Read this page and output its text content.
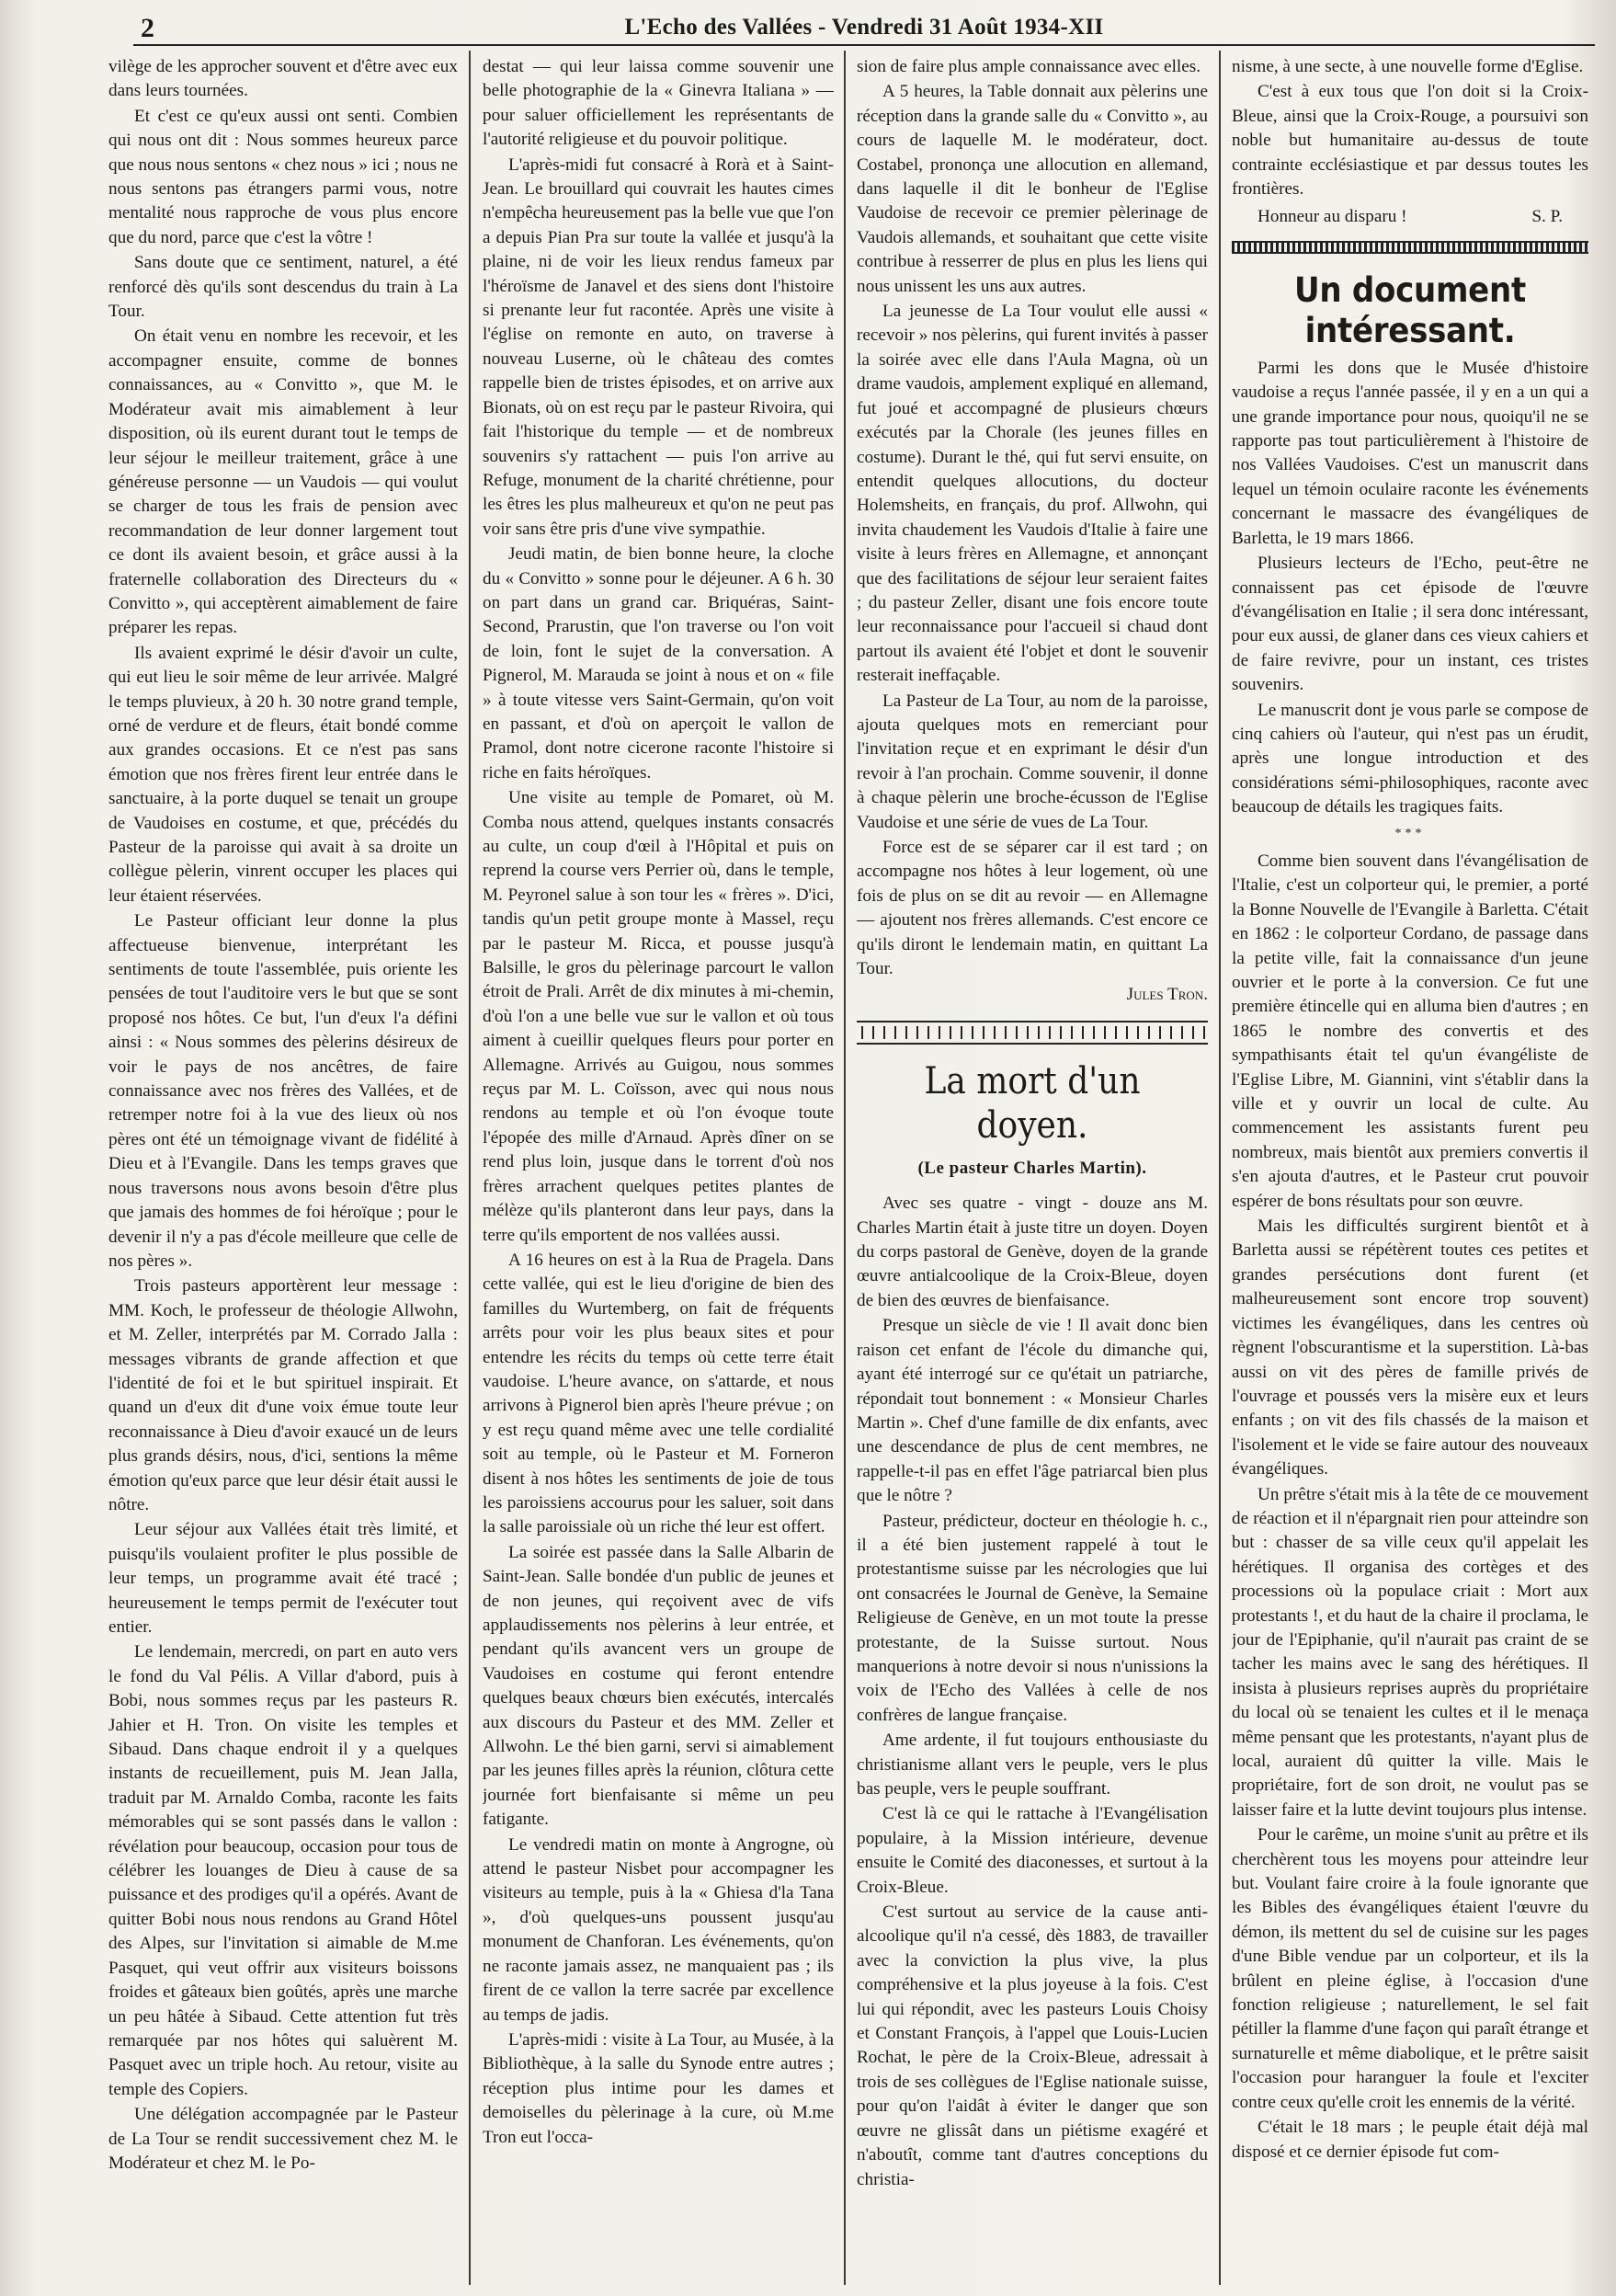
2	L'Echo des Vallées - Vendredi 31 Août 1934-XII

vilège de les approcher souvent et d'être avec eux dans leurs tournées.

Et c'est ce qu'eux aussi ont senti. Combien qui nous ont dit : Nous sommes heureux parce que nous nous sentons « chez nous » ici ; nous ne nous sentons pas étrangers parmi vous, notre mentalité nous rapproche de vous plus encore que du nord, parce que c'est la vôtre !

Sans doute que ce sentiment, naturel, a été renforcé dès qu'ils sont descendus du train à La Tour.

On était venu en nombre les recevoir, et les accompagner ensuite, comme de bonnes connaissances, au « Convitto », que M. le Modérateur avait mis aimablement à leur disposition, où ils eurent durant tout le temps de leur séjour le meilleur traitement, grâce à une généreuse personne — un Vaudois — qui voulut se charger de tous les frais de pension avec recommandation de leur donner largement tout ce dont ils avaient besoin, et grâce aussi à la fraternelle collaboration des Directeurs du « Convitto », qui acceptèrent aimablement de faire préparer les repas.

Ils avaient exprimé le désir d'avoir un culte, qui eut lieu le soir même de leur arrivée. Malgré le temps pluvieux, à 20 h. 30 notre grand temple, orné de verdure et de fleurs, était bondé comme aux grandes occasions. Et ce n'est pas sans émotion que nos frères firent leur entrée dans le sanctuaire, à la porte duquel se tenait un groupe de Vaudoises en costume, et que, précédés du Pasteur de la paroisse qui avait à sa droite un collègue pèlerin, vinrent occuper les places qui leur étaient réservées.

Le Pasteur officiant leur donne la plus affectueuse bienvenue, interprétant les sentiments de toute l'assemblée, puis oriente les pensées de tout l'auditoire vers le but que se sont proposé nos hôtes. Ce but, l'un d'eux l'a défini ainsi : « Nous sommes des pèlerins désireux de voir le pays de nos ancêtres, de faire connaissance avec nos frères des Vallées, et de retremper notre foi à la vue des lieux où nos pères ont été un témoignage vivant de fidélité à Dieu et à l'Evangile. Dans les temps graves que nous traversons nous avons besoin d'être plus que jamais des hommes de foi héroïque ; pour le devenir il n'y a pas d'école meilleure que celle de nos pères ».

Trois pasteurs apportèrent leur message : MM. Koch, le professeur de théologie Allwohn, et M. Zeller, interprétés par M. Corrado Jalla : messages vibrants de grande affection et que l'identité de foi et le but spirituel inspirait. Et quand un d'eux dit d'une voix émue toute leur reconnaissance à Dieu d'avoir exaucé un de leurs plus grands désirs, nous, d'ici, sentions la même émotion qu'eux parce que leur désir était aussi le nôtre.

Leur séjour aux Vallées était très limité, et puisqu'ils voulaient profiter le plus possible de leur temps, un programme avait été tracé ; heureusement le temps permit de l'exécuter tout entier.

Le lendemain, mercredi, on part en auto vers le fond du Val Pélis. A Villar d'abord, puis à Bobi, nous sommes reçus par les pasteurs R. Jahier et H. Tron. On visite les temples et Sibaud. Dans chaque endroit il y a quelques instants de recueillement, puis M. Jean Jalla, traduit par M. Arnaldo Comba, raconte les faits mémorables qui se sont passés dans le vallon : révélation pour beaucoup, occasion pour tous de célébrer les louanges de Dieu à cause de sa puissance et des prodiges qu'il a opérés. Avant de quitter Bobi nous nous rendons au Grand Hôtel des Alpes, sur l'invitation si aimable de M.me Pasquet, qui veut offrir aux visiteurs boissons froides et gâteaux bien goûtés, après une marche un peu hâtée à Sibaud. Cette attention fut très remarquée par nos hôtes qui saluèrent M. Pasquet avec un triple hoch. Au retour, visite au temple des Copiers.

Une délégation accompagnée par le Pasteur de La Tour se rendit successivement chez M. le Modérateur et chez M. le Po-

destat — qui leur laissa comme souvenir une belle photographie de la « Ginevra Italiana » — pour saluer officiellement les représentants de l'autorité religieuse et du pouvoir politique.

L'après-midi fut consacré à Rorà et à Saint-Jean. Le brouillard qui couvrait les hautes cimes n'empêcha heureusement pas la belle vue que l'on a depuis Pian Pra sur toute la vallée et jusqu'à la plaine, ni de voir les lieux rendus fameux par l'héroïsme de Janavel et des siens dont l'histoire si prenante leur fut racontée. Après une visite à l'église on remonte en auto, on traverse à nouveau Luserne, où le château des comtes rappelle bien de tristes épisodes, et on arrive aux Bionats, où on est reçu par le pasteur Rivoira, qui fait l'historique du temple — et de nombreux souvenirs s'y rattachent — puis l'on arrive au Refuge, monument de la charité chrétienne, pour les êtres les plus malheureux et qu'on ne peut pas voir sans être pris d'une vive sympathie.

Jeudi matin, de bien bonne heure, la cloche du « Convitto » sonne pour le déjeuner. A 6 h. 30 on part dans un grand car. Briquéras, Saint-Second, Prarustin, que l'on traverse ou l'on voit de loin, font le sujet de la conversation. A Pignerol, M. Marauda se joint à nous et on « file » à toute vitesse vers Saint-Germain, qu'on voit en passant, et d'où on aperçoit le vallon de Pramol, dont notre cicerone raconte l'histoire si riche en faits héroïques.

Une visite au temple de Pomaret, où M. Comba nous attend, quelques instants consacrés au culte, un coup d'œil à l'Hôpital et puis on reprend la course vers Perrier où, dans le temple, M. Peyronel salue à son tour les « frères ». D'ici, tandis qu'un petit groupe monte à Massel, reçu par le pasteur M. Ricca, et pousse jusqu'à Balsille, le gros du pèlerinage parcourt le vallon étroit de Prali. Arrêt de dix minutes à mi-chemin, d'où l'on a une belle vue sur le vallon et où tous aiment à cueillir quelques fleurs pour porter en Allemagne. Arrivés au Guigou, nous sommes reçus par M. L. Coïsson, avec qui nous nous rendons au temple et où l'on évoque toute l'épopée des mille d'Arnaud. Après dîner on se rend plus loin, jusque dans le torrent d'où nos frères arrachent quelques petites plantes de mélèze qu'ils planteront dans leur pays, dans la terre qu'ils emportent de nos vallées aussi.

A 16 heures on est à la Rua de Pragela. Dans cette vallée, qui est le lieu d'origine de bien des familles du Wurtemberg, on fait de fréquents arrêts pour voir les plus beaux sites et pour entendre les récits du temps où cette terre était vaudoise. L'heure avance, on s'attarde, et nous arrivons à Pignerol bien après l'heure prévue ; on y est reçu quand même avec une telle cordialité soit au temple, où le Pasteur et M. Forneron disent à nos hôtes les sentiments de joie de tous les paroissiens accourus pour les saluer, soit dans la salle paroissiale où un riche thé leur est offert.

La soirée est passée dans la Salle Albarin de Saint-Jean. Salle bondée d'un public de jeunes et de non jeunes, qui reçoivent avec de vifs applaudissements nos pèlerins à leur entrée, et pendant qu'ils avancent vers un groupe de Vaudoises en costume qui feront entendre quelques beaux chœurs bien exécutés, intercalés aux discours du Pasteur et des MM. Zeller et Allwohn. Le thé bien garni, servi si aimablement par les jeunes filles après la réunion, clôtura cette journée fort bienfaisante si même un peu fatigante.

Le vendredi matin on monte à Angrogne, où attend le pasteur Nisbet pour accompagner les visiteurs au temple, puis à la « Ghiesa d'la Tana », d'où quelques-uns poussent jusqu'au monument de Chanforan. Les événements, qu'on ne raconte jamais assez, ne manquaient pas ; ils firent de ce vallon la terre sacrée par excellence au temps de jadis.

L'après-midi : visite à La Tour, au Musée, à la Bibliothèque, à la salle du Synode entre autres ; réception plus intime pour les dames et demoiselles du pèlerinage à la cure, où M.me Tron eut l'occa-

sion de faire plus ample connaissance avec elles.

A 5 heures, la Table donnait aux pèlerins une réception dans la grande salle du « Convitto », au cours de laquelle M. le modérateur, doct. Costabel, prononça une allocution en allemand, dans laquelle il dit le bonheur de l'Eglise Vaudoise de recevoir ce premier pèlerinage de Vaudois allemands, et souhaitant que cette visite contribue à resserrer de plus en plus les liens qui nous unissent les uns aux autres.

La jeunesse de La Tour voulut elle aussi « recevoir » nos pèlerins, qui furent invités à passer la soirée avec elle dans l'Aula Magna, où un drame vaudois, amplement expliqué en allemand, fut joué et accompagné de plusieurs chœurs exécutés par la Chorale (les jeunes filles en costume). Durant le thé, qui fut servi ensuite, on entendit quelques allocutions, du docteur Holemsheits, en français, du prof. Allwohn, qui invita chaudement les Vaudois d'Italie à faire une visite à leurs frères en Allemagne, et annonçant que des facilitations de séjour leur seraient faites ; du pasteur Zeller, disant une fois encore toute leur reconnaissance pour l'accueil si chaud dont partout ils avaient été l'objet et dont le souvenir resterait ineffaçable.

La Pasteur de La Tour, au nom de la paroisse, ajouta quelques mots en remerciant pour l'invitation reçue et en exprimant le désir d'un revoir à l'an prochain. Comme souvenir, il donne à chaque pèlerin une broche-écusson de l'Eglise Vaudoise et une série de vues de La Tour.

Force est de se séparer car il est tard ; on accompagne nos hôtes à leur logement, où une fois de plus on se dit au revoir — en Allemagne — ajoutent nos frères allemands. C'est encore ce qu'ils diront le lendemain matin, en quittant La Tour.

Jules Tron.
La mort d'un doyen.
(Le pasteur Charles Martin).

Avec ses quatre - vingt - douze ans M. Charles Martin était à juste titre un doyen. Doyen du corps pastoral de Genève, doyen de la grande œuvre antialcoolique de la Croix-Bleue, doyen de bien des œuvres de bienfaisance.

Presque un siècle de vie ! Il avait donc bien raison cet enfant de l'école du dimanche qui, ayant été interrogé sur ce qu'était un patriarche, répondait tout bonnement : « Monsieur Charles Martin ». Chef d'une famille de dix enfants, avec une descendance de plus de cent membres, ne rappelle-t-il pas en effet l'âge patriarcal bien plus que le nôtre ?

Pasteur, prédicteur, docteur en théologie h. c., il a été bien justement rappelé à tout le protestantisme suisse par les nécrologies que lui ont consacrées le Journal de Genève, la Semaine Religieuse de Genève, en un mot toute la presse protestante, de la Suisse surtout. Nous manquerions à notre devoir si nous n'unissions la voix de l'Echo des Vallées à celle de nos confrères de langue française.

Ame ardente, il fut toujours enthousiaste du christianisme allant vers le peuple, vers le plus bas peuple, vers le peuple souffrant.

C'est là ce qui le rattache à l'Evangélisation populaire, à la Mission intérieure, devenue ensuite le Comité des diaconesses, et surtout à la Croix-Bleue.

C'est surtout au service de la cause anti-alcoolique qu'il n'a cessé, dès 1883, de travailler avec la conviction la plus vive, la plus compréhensive et la plus joyeuse à la fois. C'est lui qui répondit, avec les pasteurs Louis Choisy et Constant François, à l'appel que Louis-Lucien Rochat, le père de la Croix-Bleue, adressait à trois de ses collègues de l'Eglise nationale suisse, pour qu'on l'aidât à éviter le danger que son œuvre ne glissât dans un piétisme exagéré et n'aboutît, comme tant d'autres conceptions du christia-

nisme, à une secte, à une nouvelle forme d'Eglise.

C'est à eux tous que l'on doit si la Croix-Bleue, ainsi que la Croix-Rouge, a poursuivi son noble but humanitaire au-dessus de toute contrainte ecclésiastique et par dessus toutes les frontières.

Honneur au disparu !	S. P.
Un document intéressant.

Parmi les dons que le Musée d'histoire vaudoise a reçus l'année passée, il y en a un qui a une grande importance pour nous, quoiqu'il ne se rapporte pas tout particulièrement à l'histoire de nos Vallées Vaudoises. C'est un manuscrit dans lequel un témoin oculaire raconte les événements concernant le massacre des évangéliques de Barletta, le 19 mars 1866.

Plusieurs lecteurs de l'Echo, peut-être ne connaissent pas cet épisode de l'œuvre d'évangélisation en Italie ; il sera donc intéressant, pour eux aussi, de glaner dans ces vieux cahiers et de faire revivre, pour un instant, ces tristes souvenirs.

Le manuscrit dont je vous parle se compose de cinq cahiers où l'auteur, qui n'est pas un érudit, après une longue introduction et des considérations sémi-philosophiques, raconte avec beaucoup de détails les tragiques faits.

***

Comme bien souvent dans l'évangélisation de l'Italie, c'est un colporteur qui, le premier, a porté la Bonne Nouvelle de l'Evangile à Barletta. C'était en 1862 : le colporteur Cordano, de passage dans la petite ville, fait la connaissance d'un jeune ouvrier et le porte à la conversion. Ce fut une première étincelle qui en alluma bien d'autres ; en 1865 le nombre des convertis et des sympathisants était tel qu'un évangéliste de l'Eglise Libre, M. Giannini, vint s'établir dans la ville et y ouvrir un local de culte. Au commencement les assistants furent peu nombreux, mais bientôt aux premiers convertis il s'en ajouta d'autres, et le Pasteur crut pouvoir espérer de bons résultats pour son œuvre.

Mais les difficultés surgirent bientôt et à Barletta aussi se répétèrent toutes ces petites et grandes persécutions dont furent (et malheureusement sont encore trop souvent) victimes les évangéliques, dans les centres où règnent l'obscurantisme et la superstition. Là-bas aussi on vit des pères de famille privés de l'ouvrage et poussés vers la misère eux et leurs enfants ; on vit des fils chassés de la maison et l'isolement et le vide se faire autour des nouveaux évangéliques.

Un prêtre s'était mis à la tête de ce mouvement de réaction et il n'épargnait rien pour atteindre son but : chasser de sa ville ceux qu'il appelait les hérétiques. Il organisa des cortèges et des processions où la populace criait : Mort aux protestants !, et du haut de la chaire il proclama, le jour de l'Epiphanie, qu'il n'aurait pas craint de se tacher les mains avec le sang des hérétiques. Il insista à plusieurs reprises auprès du propriétaire du local où se tenaient les cultes et il le menaça même pensant que les protestants, n'ayant plus de local, auraient dû quitter la ville. Mais le propriétaire, fort de son droit, ne voulut pas se laisser faire et la lutte devint toujours plus intense.

Pour le carême, un moine s'unit au prêtre et ils cherchèrent tous les moyens pour atteindre leur but. Voulant faire croire à la foule ignorante que les Bibles des évangéliques étaient l'œuvre du démon, ils mettent du sel de cuisine sur les pages d'une Bible vendue par un colporteur, et ils la brûlent en pleine église, à l'occasion d'une fonction religieuse ; naturellement, le sel fait pétiller la flamme d'une façon qui paraît étrange et surnaturelle et même diabolique, et le prêtre saisit l'occasion pour haranguer la foule et l'exciter contre ceux qu'elle croit les ennemis de la vérité.

C'était le 18 mars ; le peuple était déjà mal disposé et ce dernier épisode fut com-
